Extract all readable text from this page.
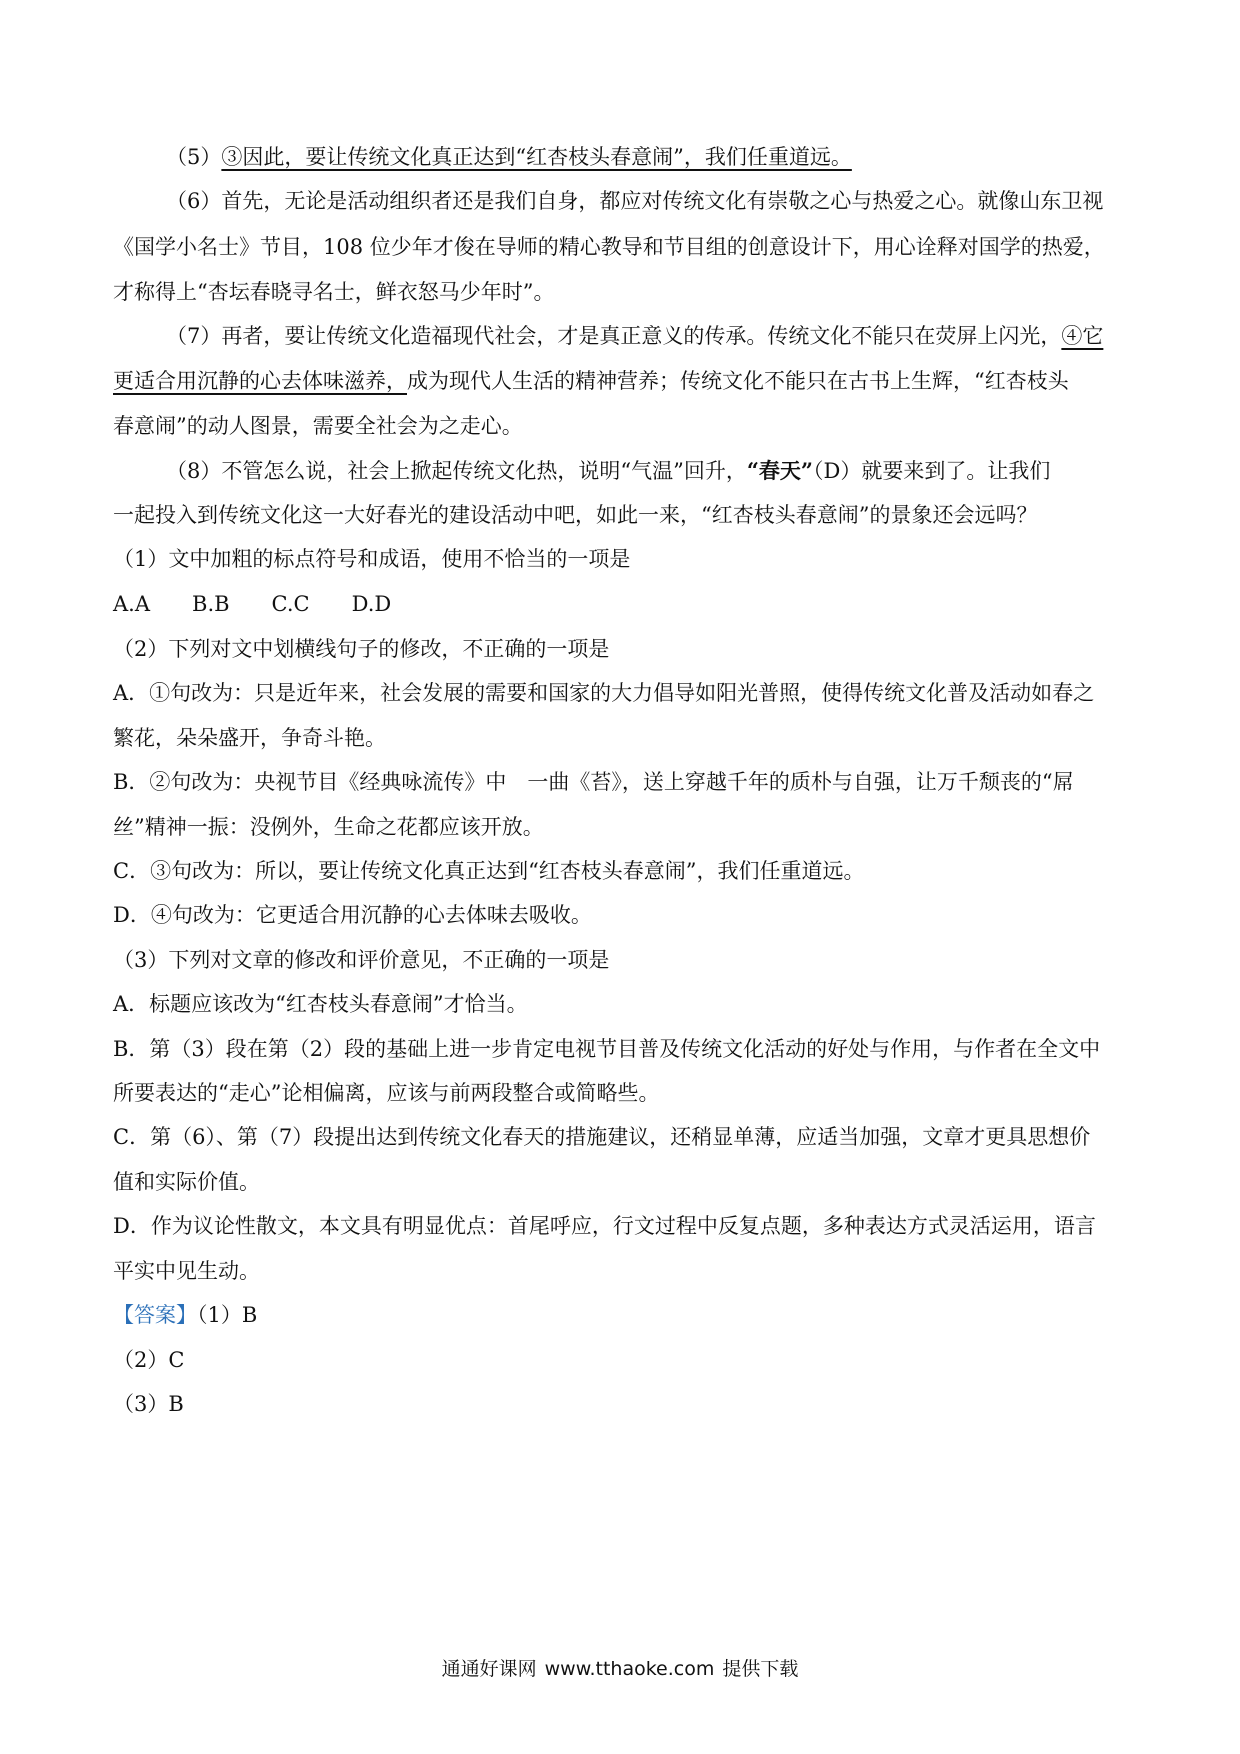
（5）③因此，要让传统文化真正达到“红杏枝头春意闹”，我们任重道远。
（6）首先，无论是活动组织者还是我们自身，都应对传统文化有崇敬之心与热爱之心。就像山东卫视
《国学小名士》节目，108 位少年才俊在导师的精心教导和节目组的创意设计下，用心诠释对国学的热爱，
才称得上“杏坛春晓寻名士，鲜衣怒马少年时”。
（7）再者，要让传统文化造福现代社会，才是真正意义的传承。传统文化不能只在荧屏上闪光，④它
更适合用沉静的心去体味滋养，成为现代人生活的精神营养；传统文化不能只在古书上生辉，“红杏枝头
春意闹”的动人图景，需要全社会为之走心。
（8）不管怎么说，社会上掀起传统文化热，说明“气温”回升，“春天”（D）就要来到了。让我们
一起投入到传统文化这一大好春光的建设活动中吧，如此一来，“红杏枝头春意闹”的景象还会远吗？
（1）文中加粗的标点符号和成语，使用不恰当的一项是
A.A　　B.B　　C.C　　D.D
（2）下列对文中划横线句子的修改，不正确的一项是
A．①句改为：只是近年来，社会发展的需要和国家的大力倡导如阳光普照，使得传统文化普及活动如春之
繁花，朵朵盛开，争奇斗艳。
B．②句改为：央视节目《经典咏流传》中　一曲《苔》，送上穿越千年的质朴与自强，让万千颓丧的“屌
丝”精神一振：没例外，生命之花都应该开放。
C．③句改为：所以，要让传统文化真正达到“红杏枝头春意闹”，我们任重道远。
D．④句改为：它更适合用沉静的心去体味去吸收。
（3）下列对文章的修改和评价意见，不正确的一项是
A．标题应该改为“红杏枝头春意闹”才恰当。
B．第（3）段在第（2）段的基础上进一步肯定电视节目普及传统文化活动的好处与作用，与作者在全文中
所要表达的“走心”论相偏离，应该与前两段整合或简略些。
C．第（6）、第（7）段提出达到传统文化春天的措施建议，还稍显单薄，应适当加强，文章才更具思想价
值和实际价值。
D．作为议论性散文，本文具有明显优点：首尾呼应，行文过程中反复点题，多种表达方式灵活运用，语言
平实中见生动。
【答案】（1）B
（2）C
（3）B
通通好课网 www.tthaoke.com 提供下载
